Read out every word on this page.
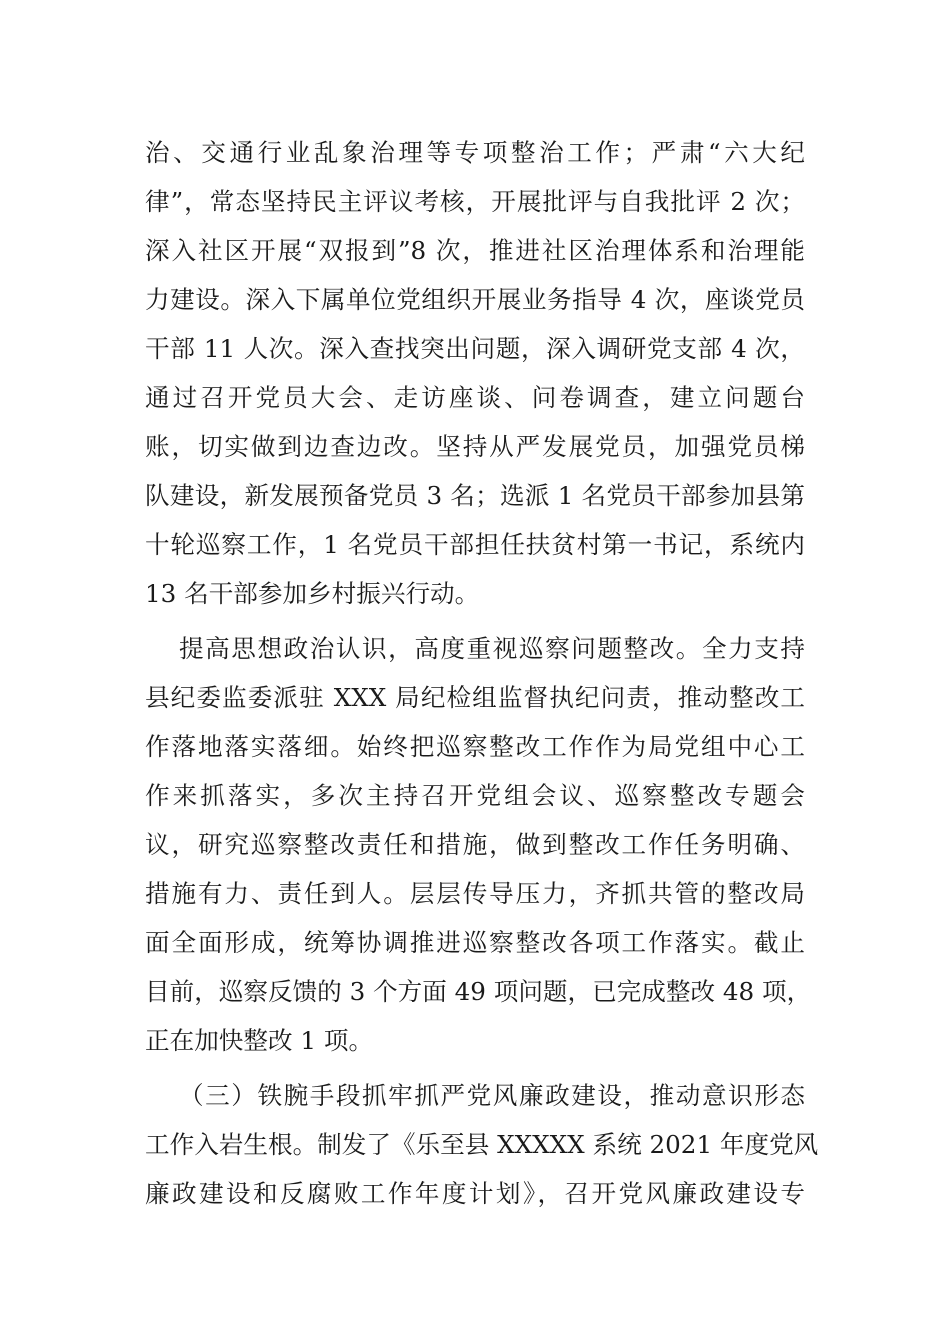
治、交通行业乱象治理等专项整治工作；严肃“六大纪
律”，常态坚持民主评议考核，开展批评与自我批评 2 次；
深入社区开展“双报到”8 次，推进社区治理体系和治理能
力建设。深入下属单位党组织开展业务指导 4 次，座谈党员
干部 11 人次。深入查找突出问题，深入调研党支部 4 次，
通过召开党员大会、走访座谈、问卷调查，建立问题台
账，切实做到边查边改。坚持从严发展党员，加强党员梯
队建设，新发展预备党员 3 名；选派 1 名党员干部参加县第
十轮巡察工作，1 名党员干部担任扶贫村第一书记，系统内
13 名干部参加乡村振兴行动。
提高思想政治认识，高度重视巡察问题整改。全力支持
县纪委监委派驻 XXX 局纪检组监督执纪问责，推动整改工
作落地落实落细。始终把巡察整改工作作为局党组中心工
作来抓落实，多次主持召开党组会议、巡察整改专题会
议，研究巡察整改责任和措施，做到整改工作任务明确、
措施有力、责任到人。层层传导压力，齐抓共管的整改局
面全面形成，统筹协调推进巡察整改各项工作落实。截止
目前，巡察反馈的 3 个方面 49 项问题，已完成整改 48 项，
正在加快整改 1 项。
（三）铁腕手段抓牢抓严党风廉政建设，推动意识形态
工作入岩生根。制发了《乐至县 XXXXX 系统 2021 年度党风
廉政建设和反腐败工作年度计划》，召开党风廉政建设专
